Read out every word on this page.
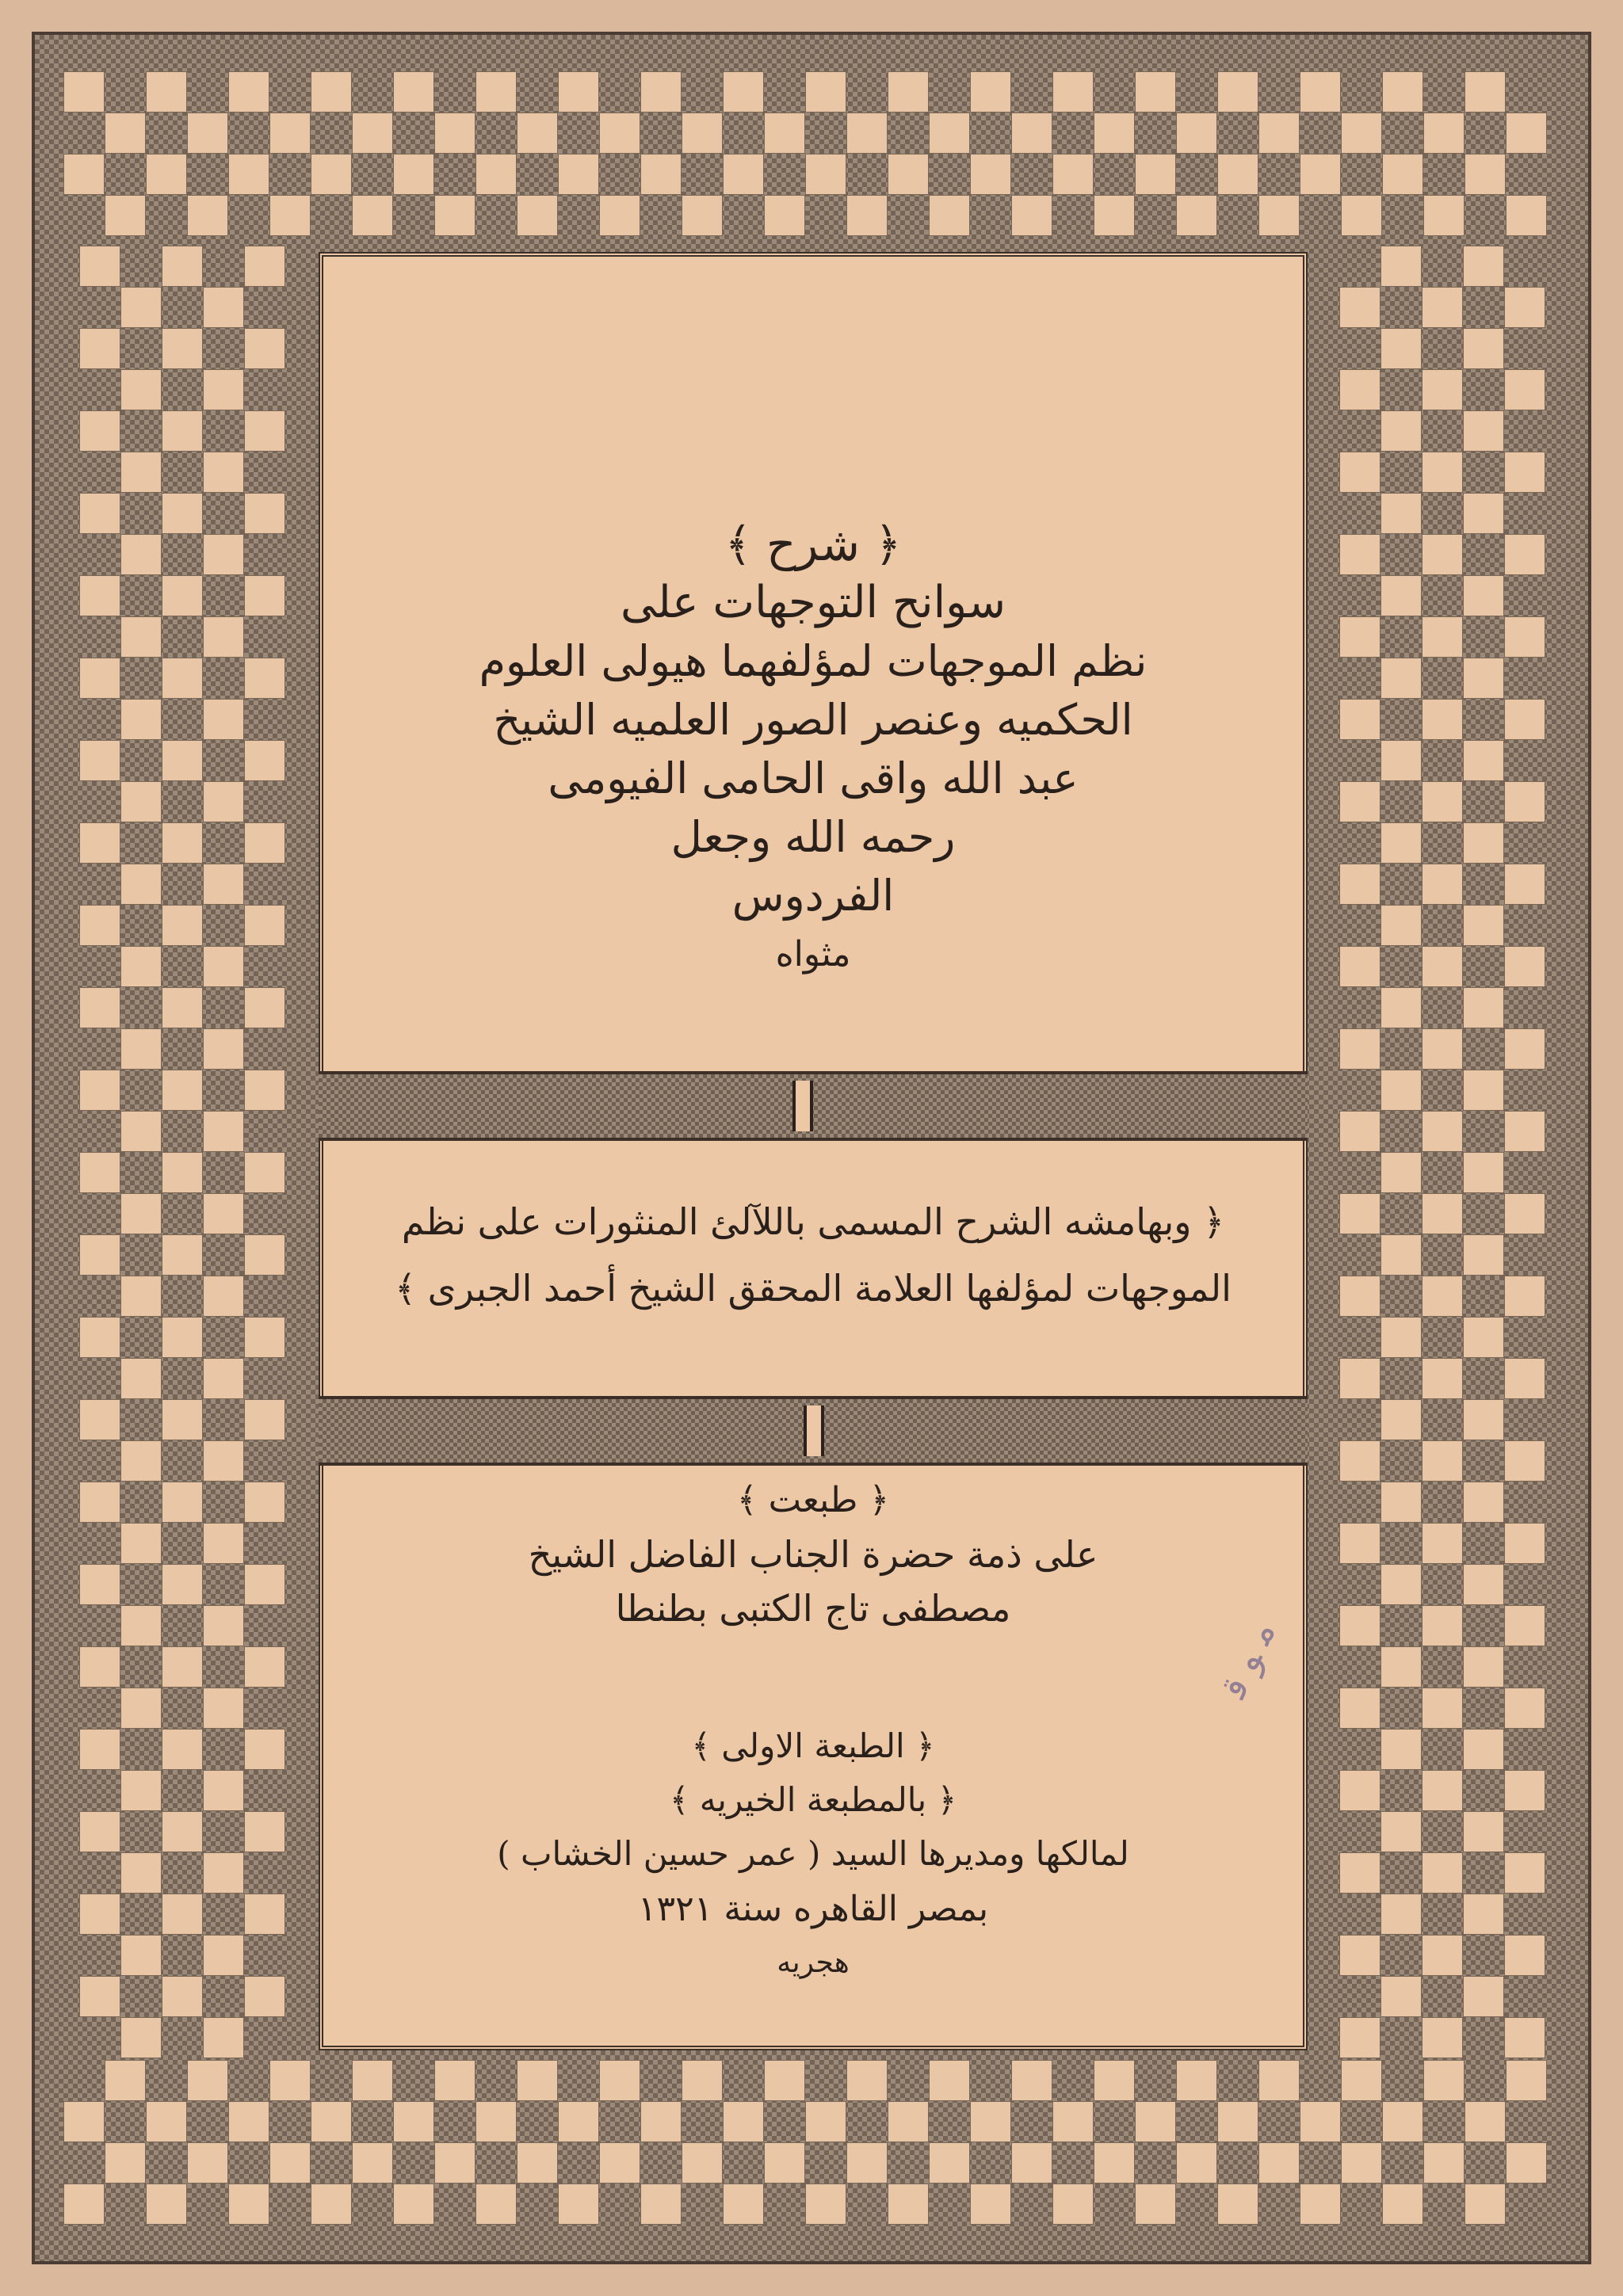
﴿ شرح ﴾
سوانح التوجهات على
نظم الموجهات لمؤلفهما هيولى العلوم
الحكميه وعنصر الصور العلميه الشيخ
عبد الله واقى الحامى الفيومى
رحمه الله وجعل
الفردوس
مثواه
﴿ وبهامشه الشرح المسمى باللآلئ المنثورات على نظم
الموجهات لمؤلفها العلامة المحقق الشيخ أحمد الجبرى ﴾
﴿ طبعت ﴾
على ذمة حضرة الجناب الفاضل الشيخ
مصطفى تاج الكتبى بطنطا
﴿ الطبعة الاولى ﴾
﴿ بالمطبعة الخيريه ﴾
لمالكها ومديرها السيد ( عمر حسين الخشاب )
بمصر القاهره سنة ١٣٢١
هجريه
ﻣ ﻮ ﻗ
